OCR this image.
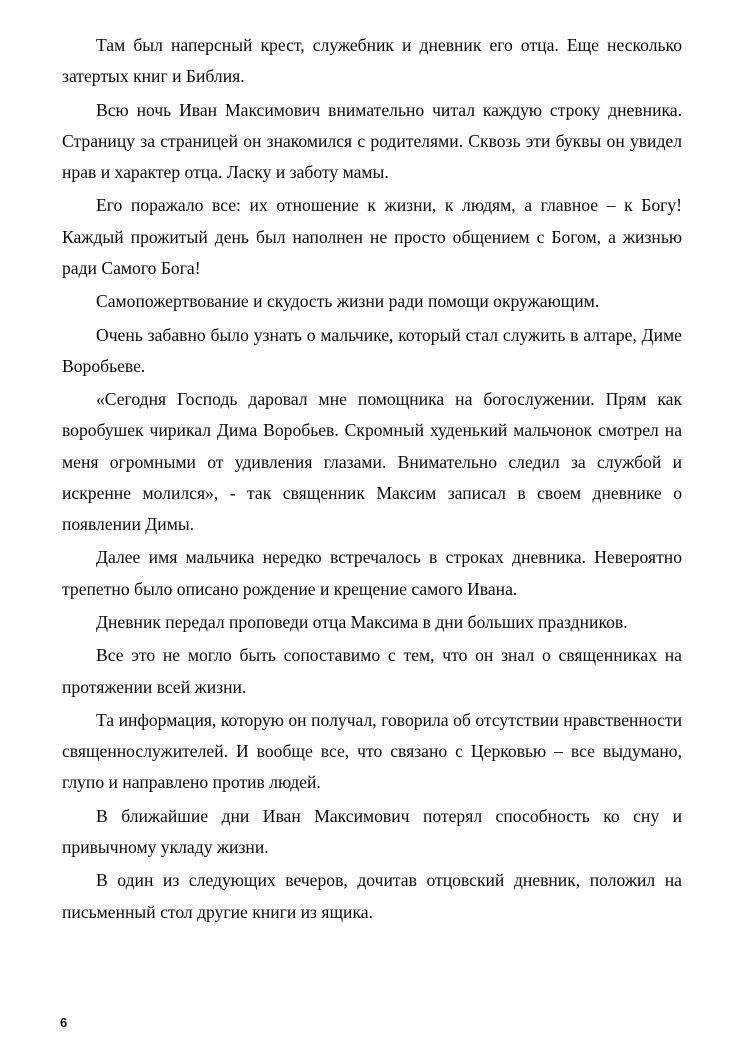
Там был наперсный крест, служебник и дневник его отца. Еще несколько затертых книг и Библия.

Всю ночь Иван Максимович внимательно читал каждую строку дневника. Страницу за страницей он знакомился с родителями. Сквозь эти буквы он увидел нрав и характер отца. Ласку и заботу мамы.

Его поражало все: их отношение к жизни, к людям, а главное – к Богу! Каждый прожитый день был наполнен не просто общением с Богом, а жизнью ради Самого Бога!

Самопожертвование и скудость жизни ради помощи окружающим.

Очень забавно было узнать о мальчике, который стал служить в алтаре, Диме Воробьеве.

«Сегодня Господь даровал мне помощника на богослужении. Прям как воробушек чирикал Дима Воробьев. Скромный худенький мальчонок смотрел на меня огромными от удивления глазами. Внимательно следил за службой и искренне молился», - так священник Максим записал в своем дневнике о появлении Димы.

Далее имя мальчика нередко встречалось в строках дневника. Невероятно трепетно было описано рождение и крещение самого Ивана.

Дневник передал проповеди отца Максима в дни больших праздников.

Все это не могло быть сопоставимо с тем, что он знал о священниках на протяжении всей жизни.

Та информация, которую он получал, говорила об отсутствии нравственности священнослужителей. И вообще все, что связано с Церковью – все выдумано, глупо и направлено против людей.

В ближайшие дни Иван Максимович потерял способность ко сну и привычному укладу жизни.

В один из следующих вечеров, дочитав отцовский дневник, положил на письменный стол другие книги из ящика.

6
